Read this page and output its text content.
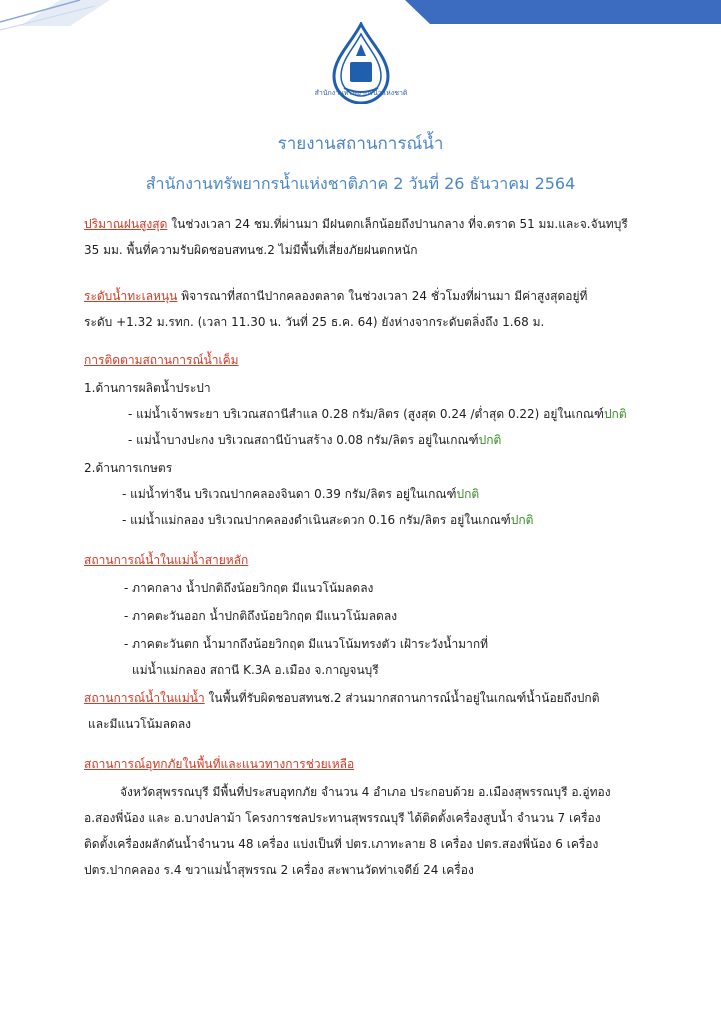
สำนักงานทรัพยากรน้ำแห่งชาติ
รายงานสถานการณ์น้ำ
สำนักงานทรัพยากรน้ำแห่งชาติภาค 2 วันที่ 26 ธันวาคม 2564
ปริมาณฝนสูงสุด ในช่วงเวลา 24 ชม.ที่ผ่านมา มีฝนตกเล็กน้อยถึงปานกลาง ที่จ.ตราด 51 มม.และจ.จันทบุรี
35 มม. พื้นที่ความรับผิดชอบสทนช.2 ไม่มีพื้นที่เสี่ยงภัยฝนตกหนัก
ระดับน้ำทะเลหนุน พิจารณาที่สถานีปากคลองตลาด ในช่วงเวลา 24 ชั่วโมงที่ผ่านมา มีค่าสูงสุดอยู่ที่
ระดับ +1.32 ม.รทก. (เวลา 11.30 น. วันที่ 25 ธ.ค. 64) ยังห่างจากระดับตลิ่งถึง 1.68 ม.
การติดตามสถานการณ์น้ำเค็ม
1.ด้านการผลิตน้ำประปา
- แม่น้ำเจ้าพระยา บริเวณสถานีสำแล 0.28 กรัม/ลิตร (สูงสุด 0.24 /ต่ำสุด 0.22) อยู่ในเกณฑ์ปกติ
- แม่น้ำบางปะกง บริเวณสถานีบ้านสร้าง 0.08 กรัม/ลิตร อยู่ในเกณฑ์ปกติ
2.ด้านการเกษตร
- แม่น้ำท่าจีน บริเวณปากคลองจินดา 0.39 กรัม/ลิตร อยู่ในเกณฑ์ปกติ
- แม่น้ำแม่กลอง บริเวณปากคลองดำเนินสะดวก 0.16 กรัม/ลิตร อยู่ในเกณฑ์ปกติ
สถานการณ์น้ำในแม่น้ำสายหลัก
- ภาคกลาง น้ำปกติถึงน้อยวิกฤต มีแนวโน้มลดลง
- ภาคตะวันออก น้ำปกติถึงน้อยวิกฤต มีแนวโน้มลดลง
- ภาคตะวันตก น้ำมากถึงน้อยวิกฤต มีแนวโน้มทรงตัว เฝ้าระวังน้ำมากที่
แม่น้ำแม่กลอง สถานี K.3A อ.เมือง จ.กาญจนบุรี
สถานการณ์น้ำในแม่น้ำ ในพื้นที่รับผิดชอบสทนช.2 ส่วนมากสถานการณ์น้ำอยู่ในเกณฑ์น้ำน้อยถึงปกติ
และมีแนวโน้มลดลง
สถานการณ์อุทกภัยในพื้นที่และแนวทางการช่วยเหลือ
จังหวัดสุพรรณบุรี มีพื้นที่ประสบอุทกภัย จำนวน 4 อำเภอ ประกอบด้วย อ.เมืองสุพรรณบุรี อ.อู่ทอง
อ.สองพี่น้อง และ อ.บางปลาม้า โครงการชลประทานสุพรรณบุรี ได้ติดตั้งเครื่องสูบน้ำ จำนวน 7 เครื่อง
ติดตั้งเครื่องผลักดันน้ำจำนวน 48 เครื่อง แบ่งเป็นที่ ปตร.เภาทะลาย 8 เครื่อง ปตร.สองพี่น้อง 6 เครื่อง
ปตร.ปากคลอง ร.4 ขวาแม่น้ำสุพรรณ 2 เครื่อง สะพานวัดท่าเจดีย์ 24 เครื่อง
